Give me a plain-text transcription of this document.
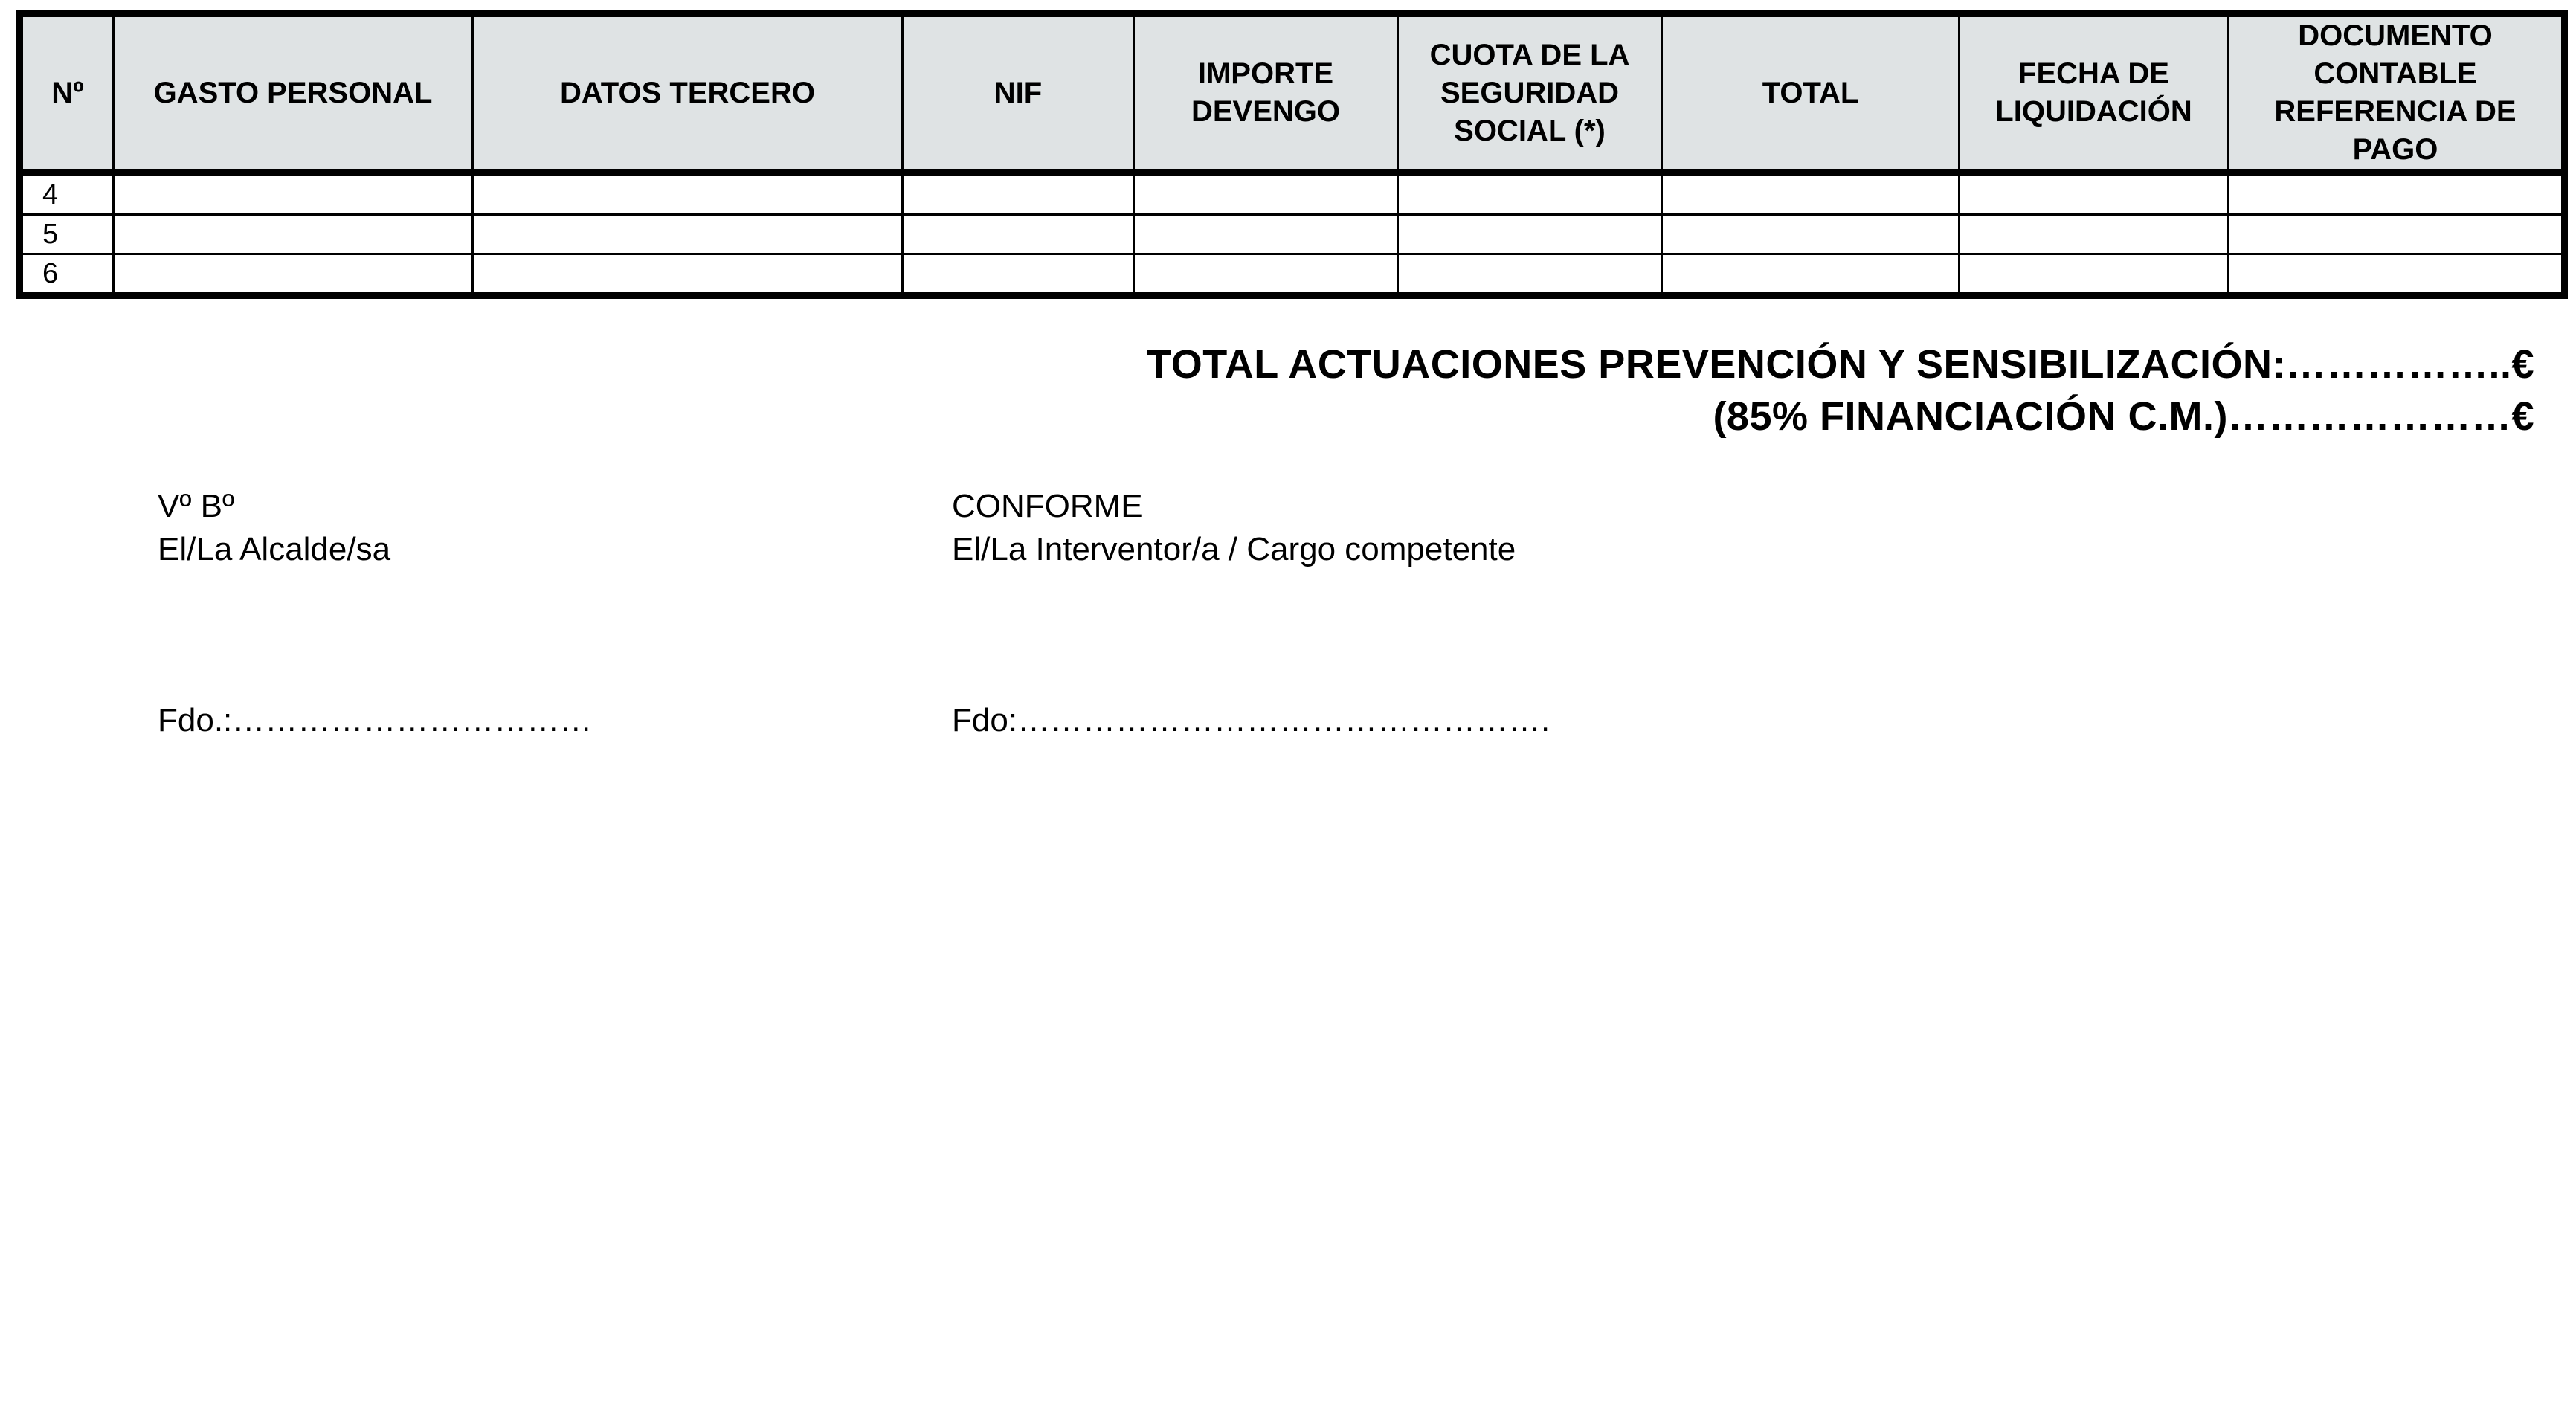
Nº	GASTO PERSONAL	DATOS TERCERO	NIF	IMPORTE DEVENGO	CUOTA DE LA SEGURIDAD SOCIAL (*)	TOTAL	FECHA DE LIQUIDACIÓN	DOCUMENTO CONTABLE REFERENCIA DE PAGO
4								
5								
6								
TOTAL ACTUACIONES PREVENCIÓN Y SENSIBILIZACIÓN:……………..€
(85% FINANCIACIÓN C.M.)…………………€
Vº Bº
El/La Alcalde/sa
CONFORME
El/La Interventor/a / Cargo competente
Fdo.:……………………………	Fdo:………………………………………….
